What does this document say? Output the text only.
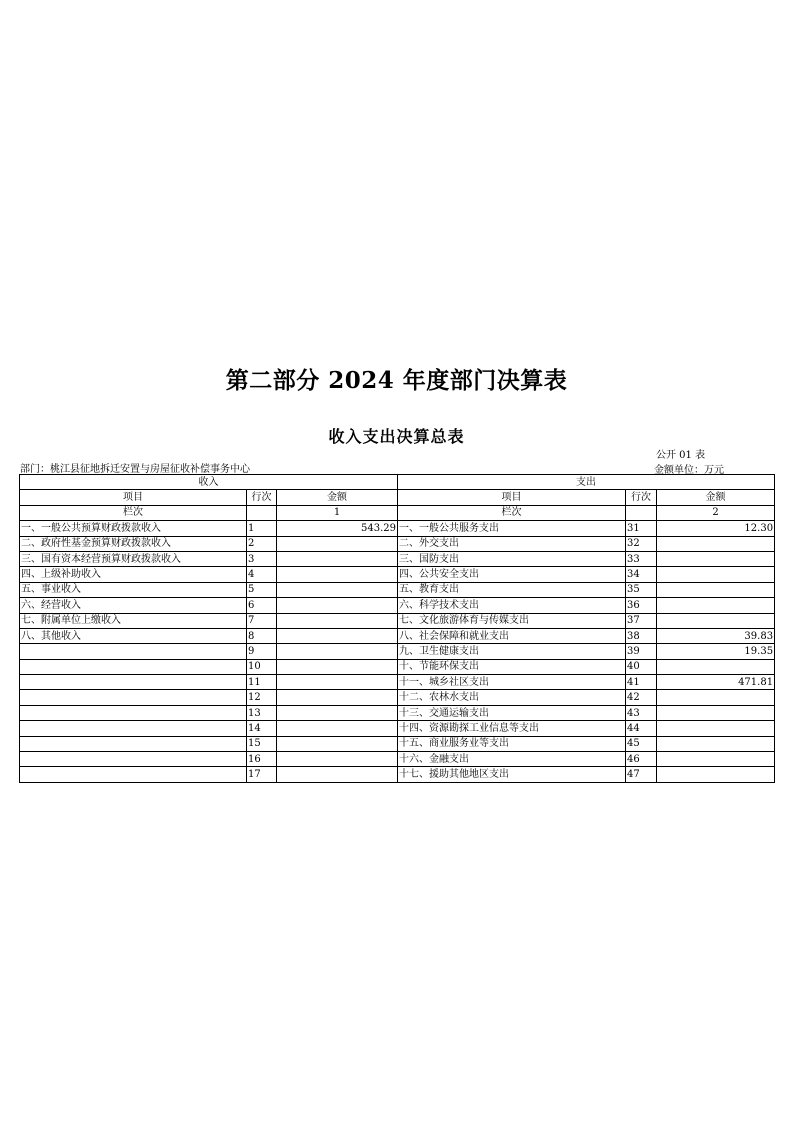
第二部分 2024 年度部门决算表
收入支出决算总表
公开 01 表
部门：桃江县征地拆迁安置与房屋征收补偿事务中心	金额单位：万元
收入			支出		
项目	行次	金额	项目	行次	金额
栏次		1	栏次		2
一、一般公共预算财政拨款收入	1	543.29	一、一般公共服务支出	31	12.30
二、政府性基金预算财政拨款收入	2		二、外交支出	32	
三、国有资本经营预算财政拨款收入	3		三、国防支出	33	
四、上级补助收入	4		四、公共安全支出	34	
五、事业收入	5		五、教育支出	35	
六、经营收入	6		六、科学技术支出	36	
七、附属单位上缴收入	7		七、文化旅游体育与传媒支出	37	
八、其他收入	8		八、社会保障和就业支出	38	39.83
	9		九、卫生健康支出	39	19.35
	10		十、节能环保支出	40	
	11		十一、城乡社区支出	41	471.81
	12		十二、农林水支出	42	
	13		十三、交通运输支出	43	
	14		十四、资源勘探工业信息等支出	44	
	15		十五、商业服务业等支出	45	
	16		十六、金融支出	46	
	17		十七、援助其他地区支出	47	
